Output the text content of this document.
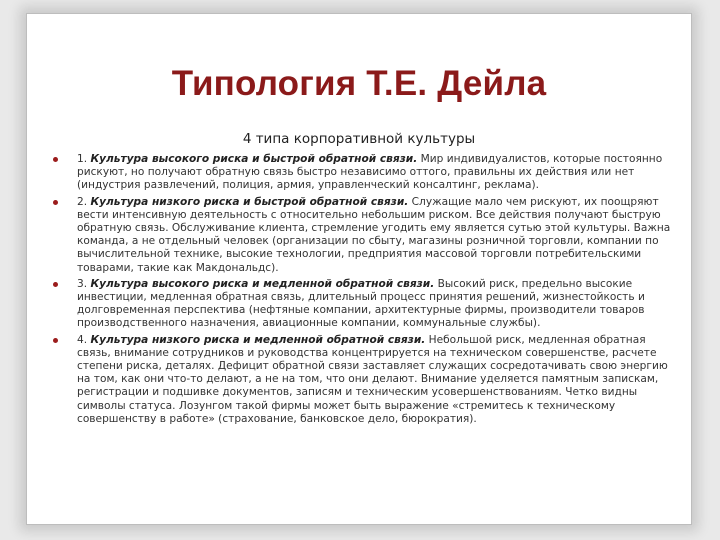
Типология Т.Е. Дейла
4 типа корпоративной культуры
1. Культура высокого риска и быстрой обратной связи. Мир индивидуалистов, которые постоянно рискуют, но получают обратную связь быстро независимо оттого, правильны их действия или нет (индустрия развлечений, полиция, армия, управленческий консалтинг, реклама).
2. Культура низкого риска и быстрой обратной связи. Служащие мало чем рискуют, их поощряют вести интенсивную деятельность с относительно небольшим риском. Все действия получают быструю обратную связь. Обслуживание клиента, стремление угодить ему является сутью этой культуры. Важна команда, а не отдельный человек (организации по сбыту, магазины розничной торговли, компании по вычислительной технике, высокие технологии, предприятия массовой торговли потребительскими товарами, такие как Макдональдс).
3. Культура высокого риска и медленной обратной связи. Высокий риск, предельно высокие инвестиции, медленная обратная связь, длительный процесс принятия решений, жизнестойкость и долговременная перспектива (нефтяные компании, архитектурные фирмы, производители товаров производственного назначения, авиационные компании, коммунальные службы).
4. Культура низкого риска и медленной обратной связи. Небольшой риск, медленная обратная связь, внимание сотрудников и руководства концентрируется на техническом совершенстве, расчете степени риска, деталях. Дефицит обратной связи заставляет служащих сосредотачивать свою энергию на том, как они что-то делают, а не на том, что они делают. Внимание уделяется памятным запискам, регистрации и подшивке документов, записям и техническим усовершенствованиям. Четко видны символы статуса. Лозунгом такой фирмы может быть выражение «стремитесь к техническому совершенству в работе» (страхование, банковское дело, бюрократия).
